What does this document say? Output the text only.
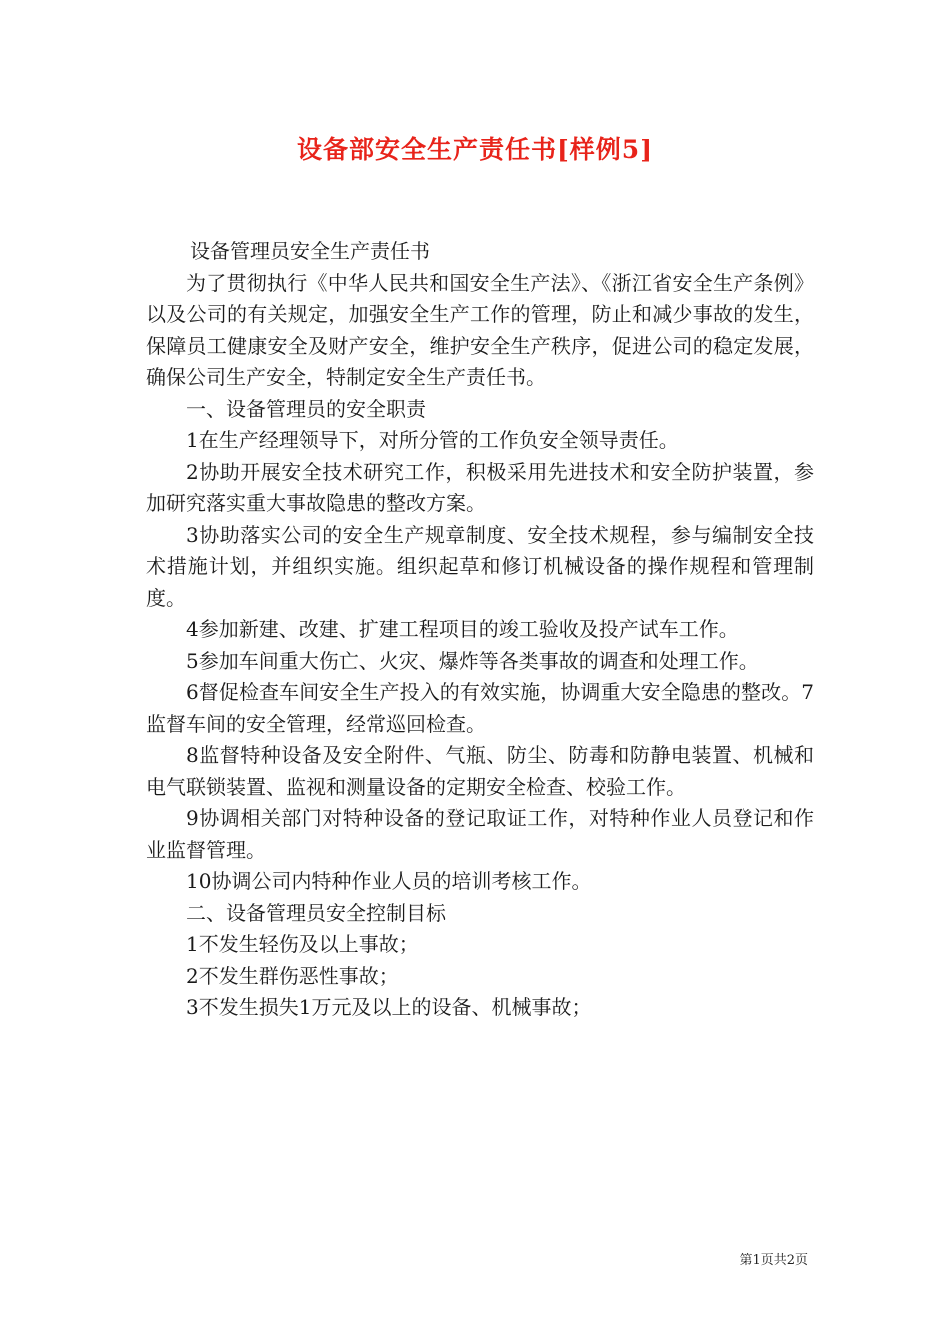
设备部安全生产责任书[样例5]

设备管理员安全生产责任书

为了贯彻执行《中华人民共和国安全生产法》、《浙江省安全生产条例》以及公司的有关规定，加强安全生产工作的管理，防止和减少事故的发生，保障员工健康安全及财产安全，维护安全生产秩序，促进公司的稳定发展，确保公司生产安全，特制定安全生产责任书。

一、设备管理员的安全职责

1在生产经理领导下，对所分管的工作负安全领导责任。

2协助开展安全技术研究工作，积极采用先进技术和安全防护装置，参加研究落实重大事故隐患的整改方案。

3协助落实公司的安全生产规章制度、安全技术规程，参与编制安全技术措施计划，并组织实施。组织起草和修订机械设备的操作规程和管理制度。

4参加新建、改建、扩建工程项目的竣工验收及投产试车工作。

5参加车间重大伤亡、火灾、爆炸等各类事故的调查和处理工作。

6督促检查车间安全生产投入的有效实施，协调重大安全隐患的整改。7监督车间的安全管理，经常巡回检查。

8监督特种设备及安全附件、气瓶、防尘、防毒和防静电装置、机械和电气联锁装置、监视和测量设备的定期安全检查、校验工作。

9协调相关部门对特种设备的登记取证工作，对特种作业人员登记和作业监督管理。

10协调公司内特种作业人员的培训考核工作。

二、设备管理员安全控制目标

1不发生轻伤及以上事故；

2不发生群伤恶性事故；

3不发生损失1万元及以上的设备、机械事故；

第1页共2页
